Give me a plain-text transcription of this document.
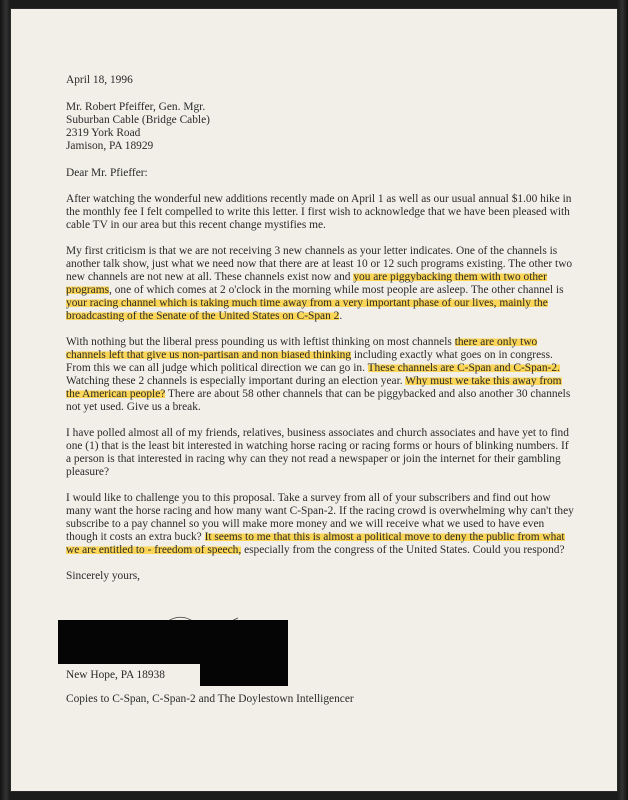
April 18, 1996
Mr. Robert Pfeiffer, Gen. Mgr.
Suburban Cable (Bridge Cable)
2319 York Road
Jamison, PA 18929
Dear Mr. Pfieffer:

After watching the wonderful new additions recently made on April 1 as well as our usual annual $1.00 hike in the monthly fee I felt compelled to write this letter. I first wish to acknowledge that we have been pleased with cable TV in our area but this recent change mystifies me.

My first criticism is that we are not receiving 3 new channels as your letter indicates. One of the channels is another talk show, just what we need now that there are at least 10 or 12 such programs existing. The other two new channels are not new at all. These channels exist now and you are piggybacking them with two other programs, one of which comes at 2 o'clock in the morning while most people are asleep. The other channel is your racing channel which is taking much time away from a very important phase of our lives, mainly the broadcasting of the Senate of the United States on C-Span 2.

With nothing but the liberal press pounding us with leftist thinking on most channels there are only two channels left that give us non-partisan and non biased thinking including exactly what goes on in congress. From this we can all judge which political direction we can go in. These channels are C-Span and C-Span-2. Watching these 2 channels is especially important during an election year. Why must we take this away from the American people? There are about 58 other channels that can be piggybacked and also another 30 channels not yet used. Give us a break.

I have polled almost all of my friends, relatives, business associates and church associates and have yet to find one (1) that is the least bit interested in watching horse racing or racing forms or hours of blinking numbers. If a person is that interested in racing why can they not read a newspaper or join the internet for their gambling pleasure?

I would like to challenge you to this proposal. Take a survey from all of your subscribers and find out how many want the horse racing and how many want C-Span-2. If the racing crowd is overwhelming why can't they subscribe to a pay channel so you will make more money and we will receive what we used to have even though it costs an extra buck? It seems to me that this is almost a political move to deny the public from what we are entitled to - freedom of speech, especially from the congress of the United States. Could you respond?

Sincerely yours,
New Hope, PA 18938
Copies to C-Span, C-Span-2 and The Doylestown Intelligencer
